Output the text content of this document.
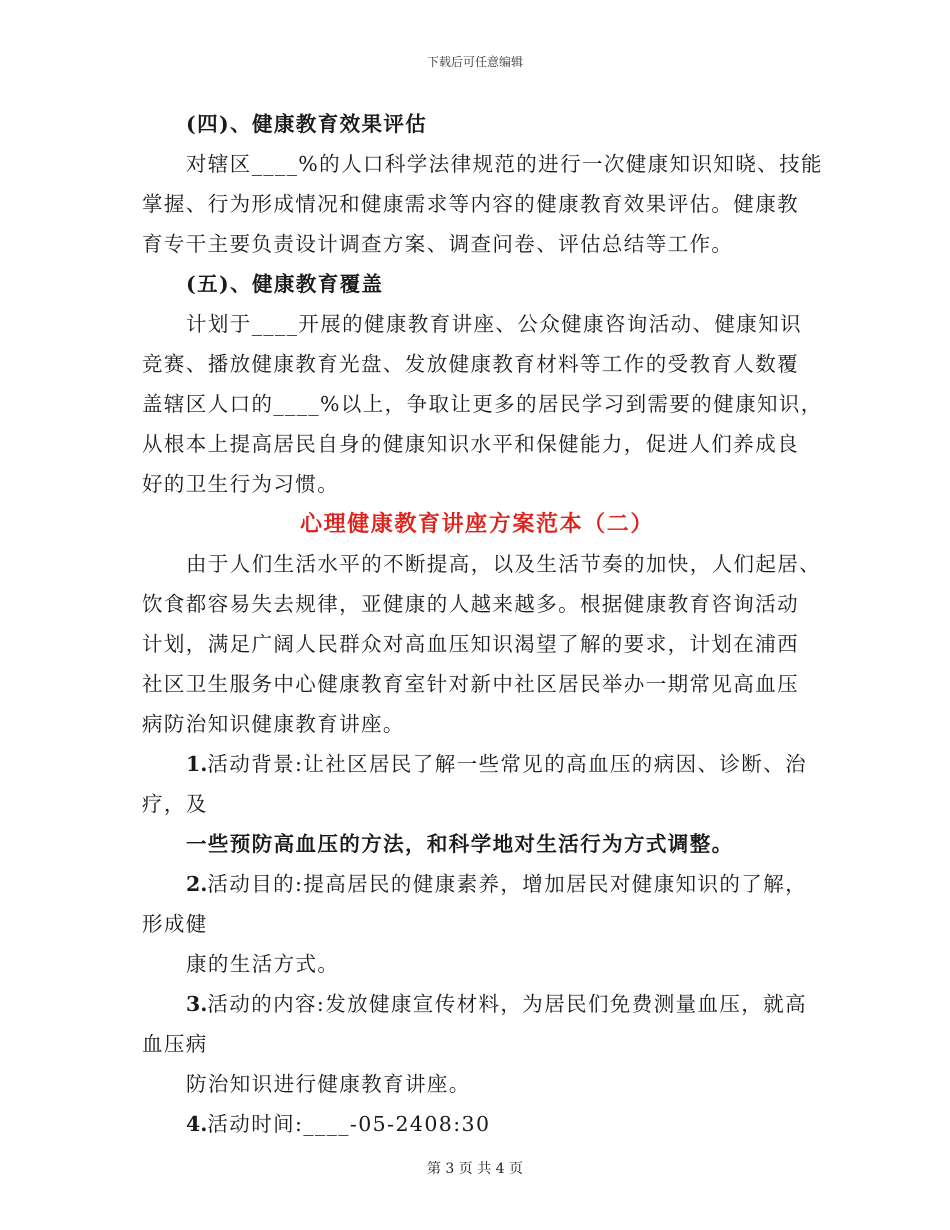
下载后可任意编辑
(四)、健康教育效果评估
对辖区____%的人口科学法律规范的进行一次健康知识知晓、技能
掌握、行为形成情况和健康需求等内容的健康教育效果评估。健康教
育专干主要负责设计调查方案、调查问卷、评估总结等工作。
(五)、健康教育覆盖
计划于____开展的健康教育讲座、公众健康咨询活动、健康知识
竞赛、播放健康教育光盘、发放健康教育材料等工作的受教育人数覆
盖辖区人口的____%以上，争取让更多的居民学习到需要的健康知识，
从根本上提高居民自身的健康知识水平和保健能力，促进人们养成良
好的卫生行为习惯。
心理健康教育讲座方案范本（二）
由于人们生活水平的不断提高，以及生活节奏的加快，人们起居、
饮食都容易失去规律，亚健康的人越来越多。根据健康教育咨询活动
计划，满足广阔人民群众对高血压知识渴望了解的要求，计划在浦西
社区卫生服务中心健康教育室针对新中社区居民举办一期常见高血压
病防治知识健康教育讲座。
1.活动背景:让社区居民了解一些常见的高血压的病因、诊断、治
疗，及
一些预防高血压的方法，和科学地对生活行为方式调整。
2.活动目的:提高居民的健康素养，增加居民对健康知识的了解，
形成健
康的生活方式。
3.活动的内容:发放健康宣传材料，为居民们免费测量血压，就高
血压病
防治知识进行健康教育讲座。
4.活动时间:____-05-2408:30
第 3 页 共 4 页
